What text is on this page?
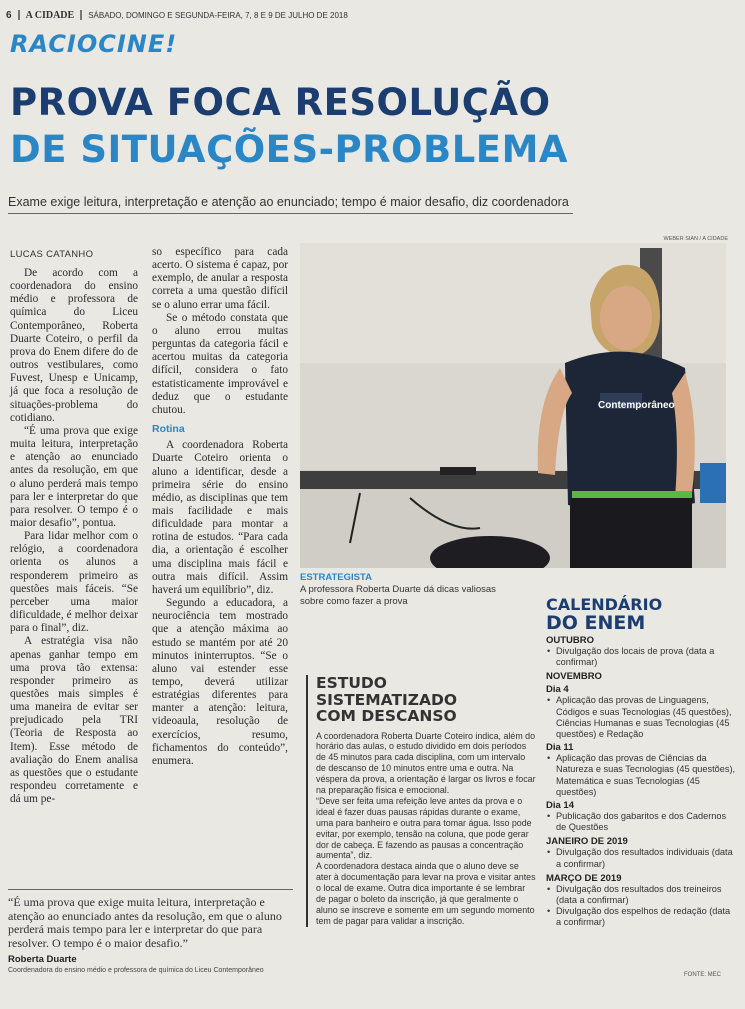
6 A CIDADE SÁBADO, DOMINGO E SEGUNDA-FEIRA, 7, 8 E 9 DE JULHO DE 2018
RACIOCINE!
PROVA FOCA RESOLUÇÃO
DE SITUAÇÕES-PROBLEMA
Exame exige leitura, interpretação e atenção ao enunciado; tempo é maior desafio, diz coordenadora
LUCAS CATANHO

De acordo com a coordenadora do ensino médio e professora de química do Liceu Contemporâneo, Roberta Duarte Coteiro, o perfil da prova do Enem difere do de outros vestibulares, como Fuvest, Unesp e Unicamp, já que foca a resolução de situações-problema do cotidiano.

“É uma prova que exige muita leitura, interpretação e atenção ao enunciado antes da resolução, em que o aluno perderá mais tempo para ler e interpretar do que para resolver. O tempo é o maior desafio”, pontua.

Para lidar melhor com o relógio, a coordenadora orienta os alunos a responderem primeiro as questões mais fáceis. “Se perceber uma maior dificuldade, é melhor deixar para o final”, diz.

A estratégia visa não apenas ganhar tempo em uma prova tão extensa: responder primeiro as questões mais simples é uma maneira de evitar ser prejudicado pela TRI (Teoria de Resposta ao Item). Esse método de avaliação do Enem analisa as questões que o estudante respondeu corretamente e dá um pe-

so específico para cada acerto. O sistema é capaz, por exemplo, de anular a resposta correta a uma questão difícil se o aluno errar uma fácil.

Se o método constata que o aluno errou muitas perguntas da categoria fácil e acertou muitas da categoria difícil, considera o fato estatisticamente improvável e deduz que o estudante chutou.

Rotina

A coordenadora Roberta Duarte Coteiro orienta o aluno a identificar, desde a primeira série do ensino médio, as disciplinas que tem mais facilidade e mais dificuldade para montar a rotina de estudos. “Para cada dia, a orientação é escolher uma disciplina mais fácil e outra mais difícil. Assim haverá um equilíbrio”, diz.

Segundo a educadora, a neurociência tem mostrado que a atenção máxima ao estudo se mantém por até 20 minutos ininterruptos. “Se o aluno vai estender esse tempo, deverá utilizar estratégias diferentes para manter a atenção: leitura, videoaula, resolução de exercícios, resumo, fichamentos do conteúdo”, enumera.

WEBER SIAN / A CIDADE
Contemporâneo
ESTRATEGISTA
A professora Roberta Duarte dá dicas valiosas sobre como fazer a prova
ESTUDO SISTEMATIZADO COM DESCANSO

A coordenadora Roberta Duarte Coteiro indica, além do horário das aulas, o estudo dividido em dois períodos de 45 minutos para cada disciplina, com um intervalo de descanso de 10 minutos entre uma e outra. Na véspera da prova, a orientação é largar os livros e focar na preparação física e emocional.

“Deve ser feita uma refeição leve antes da prova e o ideal é fazer duas pausas rápidas durante o exame, uma para banheiro e outra para tomar água. Isso pode evitar, por exemplo, tensão na coluna, que pode gerar dor de cabeça. E fazendo as pausas a concentração aumenta”, diz.

A coordenadora destaca ainda que o aluno deve se ater à documentação para levar na prova e visitar antes o local de exame. Outra dica importante é se lembrar de pagar o boleto da inscrição, já que geralmente o aluno se inscreve e somente em um segundo momento tem de pagar para validar a inscrição.

CALENDÁRIO
DO ENEM
OUTUBRO
• Divulgação dos locais de prova (data a confirmar)
NOVEMBRO
Dia 4
• Aplicação das provas de Linguagens, Códigos e suas Tecnologias (45 questões), Ciências Humanas e suas Tecnologias (45 questões) e Redação
Dia 11
• Aplicação das provas de Ciências da Natureza e suas Tecnologias (45 questões), Matemática e suas Tecnologias (45 questões)
Dia 14
• Publicação dos gabaritos e dos Cadernos de Questões
JANEIRO DE 2019
• Divulgação dos resultados individuais (data a confirmar)
MARÇO DE 2019
• Divulgação dos resultados dos treineiros (data a confirmar)
• Divulgação dos espelhos de redação (data a confirmar)
FONTE: MEC
“É uma prova que exige muita leitura, interpretação e atenção ao enunciado antes da resolução, em que o aluno perderá mais tempo para ler e interpretar do que para resolver. O tempo é o maior desafio.”
Roberta Duarte
Coordenadora do ensino médio e professora de química do Liceu Contemporâneo
